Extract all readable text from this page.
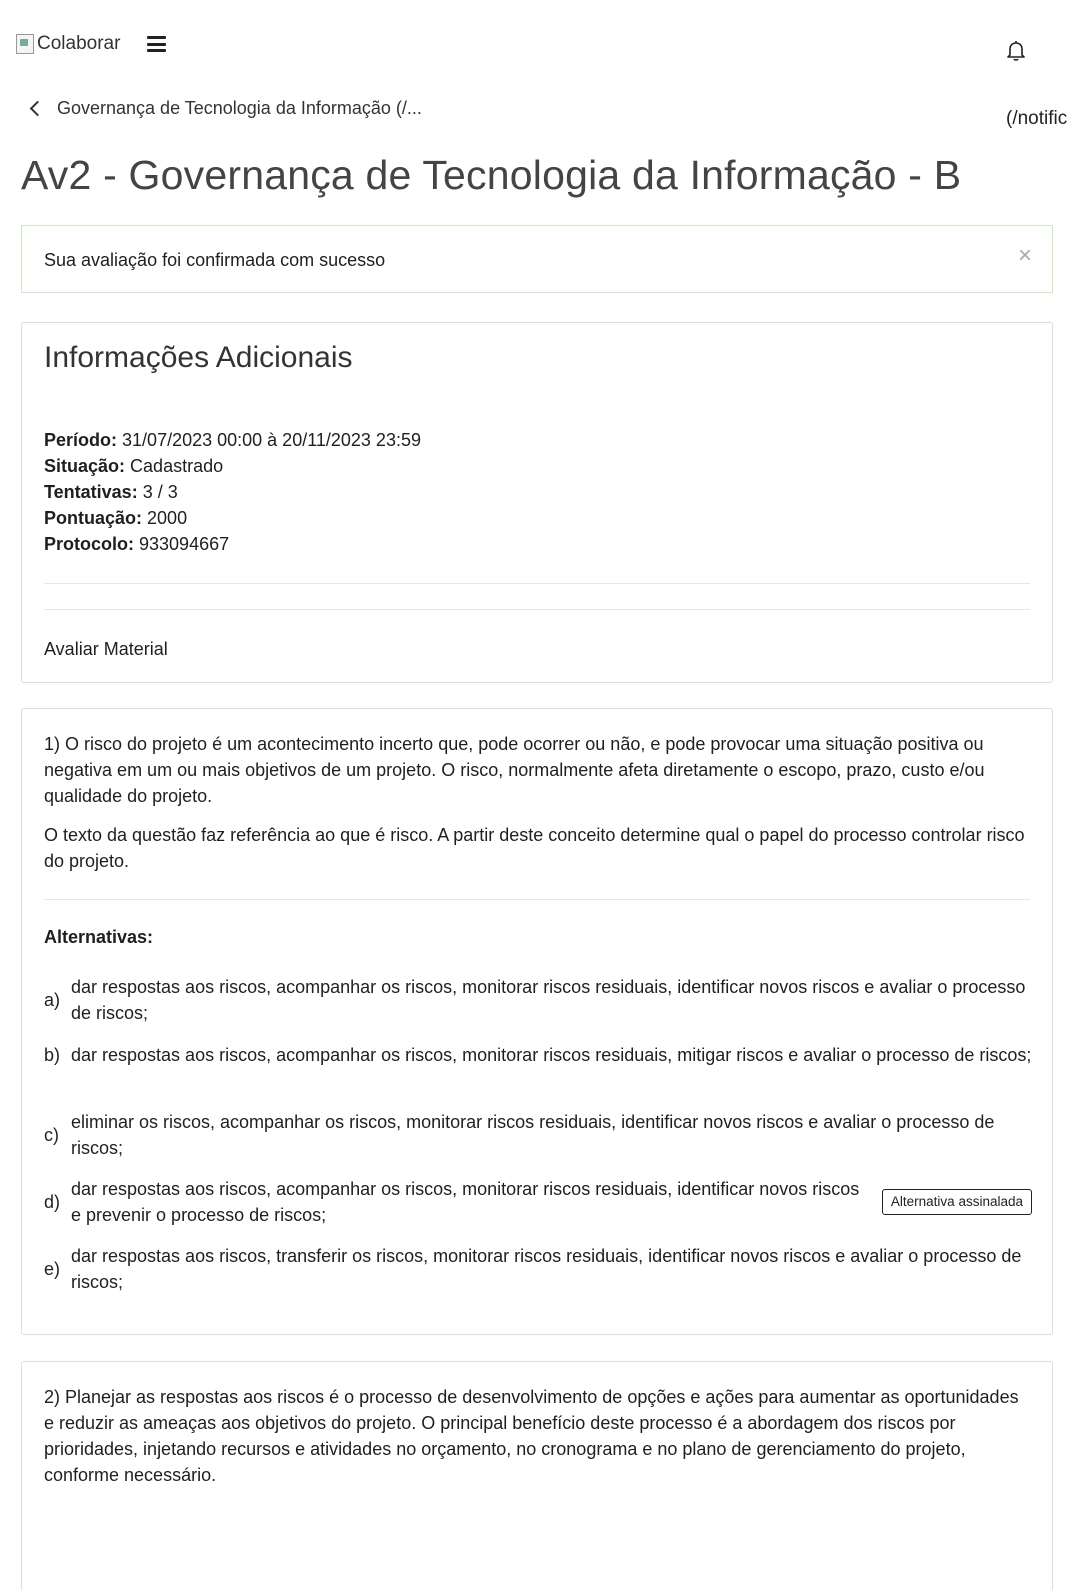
Colaborar
(/notific
Governança de Tecnologia da Informação (/...
Av2 - Governança de Tecnologia da Informação - B
Sua avaliação foi confirmada com sucesso	×
Informações Adicionais
Período: 31/07/2023 00:00 à 20/11/2023 23:59
Situação: Cadastrado
Tentativas: 3 / 3
Pontuação: 2000
Protocolo: 933094667
Avaliar Material

1) O risco do projeto é um acontecimento incerto que, pode ocorrer ou não, e pode provocar uma situação positiva ou negativa em um ou mais objetivos de um projeto. O risco, normalmente afeta diretamente o escopo, prazo, custo e/ou qualidade do projeto.

O texto da questão faz referência ao que é risco. A partir deste conceito determine qual o papel do processo controlar risco do projeto.

Alternativas:
a)
dar respostas aos riscos, acompanhar os riscos, monitorar riscos residuais, identificar novos riscos e avaliar o processo de riscos;
b) dar respostas aos riscos, acompanhar os riscos, monitorar riscos residuais, mitigar riscos e avaliar o processo de riscos;
c)
eliminar os riscos, acompanhar os riscos, monitorar riscos residuais, identificar novos riscos e avaliar o processo de riscos;
d)
dar respostas aos riscos, acompanhar os riscos, monitorar riscos residuais, identificar novos riscos e prevenir o processo de riscos;
Alternativa assinalada
e)
dar respostas aos riscos, transferir os riscos, monitorar riscos residuais, identificar novos riscos e avaliar o processo de riscos;

2) Planejar as respostas aos riscos é o processo de desenvolvimento de opções e ações para aumentar as oportunidades e reduzir as ameaças aos objetivos do projeto. O principal benefício deste processo é a abordagem dos riscos por prioridades, injetando recursos e atividades no orçamento, no cronograma e no plano de gerenciamento do projeto, conforme necessário.
